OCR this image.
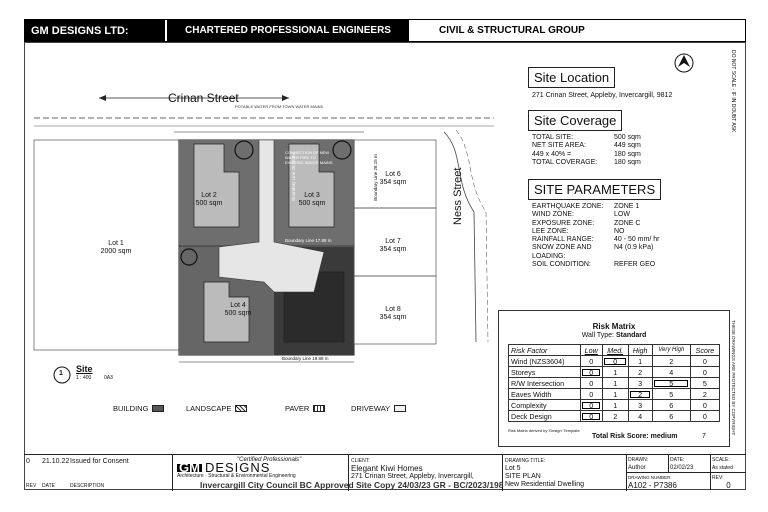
GM DESIGNS LTD:	CHARTERED PROFESSIONAL ENGINEERS	CIVIL & STRUCTURAL GROUP
Crinan Street
POTABLE WATER FROM TOWN WATER MAINS
Ness Street
CONNECTION OF NEW WATER PIPE TO EXISTING WATER MAINS
Lot 1
2000 sqm
Lot 2
500 sqm
Lot 3
500 sqm
Lot 4
500 sqm
Lot 6
354 sqm
Lot 7
354 sqm
Lot 8
354 sqm
Boundary Line 17.88 m
Boundary Line 19.88 m
Boundary Line 28.15 m	Boundary Line 28.15 m
1 Site
1 : 400	0A3
BUILDING	LANDSCAPE	PAVER	DRIVEWAY
DO NOT SCALE - IF IN DOUBT ASK
THESE DRAWINGS ARE PROTECTED BY COPYRIGHT
Site Location
271 Crinan Street, Appleby, Invercargill, 9812
Site Coverage
TOTAL SITE:	500 sqm
NET SITE AREA:	449 sqm
449 x 40% =	180 sqm
TOTAL COVERAGE:	180 sqm
SITE PARAMETERS
EARTHQUAKE ZONE:	ZONE 1
WIND ZONE:	LOW
EXPOSURE ZONE:	ZONE C
LEE ZONE:	NO
RAINFALL RANGE:	40 - 50 mm/ hr
SNOW ZONE AND	N4 (0.9 kPa)
LOADING:
SOIL CONDITION:	REFER GEO
Risk Matrix
Wall Type: Standard
Risk Factor	Low	Med.	High	Very High	Score
Wind (NZS3604)	0	0	1	2	0
Storeys	0	1	2	4	0
R/W Intersection	0	1	3	5	5
Eaves Width	0	1	2	5	2
Complexity	0	1	3	6	0
Deck Design	0	2	4	6	0
Risk Matrix derived by 'Design' Template
Total Risk Score: medium	7
0	21.10.22 Issued for Consent
REV DATE	DESCRIPTION
"Certified Professionals"
GM DESIGNS
Architecture · Structural & Environmental Engineering
CLIENT:
Elegant Kiwi Homes
271 Crinan Street, Appleby, Invercargill,
DRAWING TITLE:
Lot 5
SITE PLAN
New Residential Dwelling
DRAWN:
Author
DATE:
02/02/23
SCALE:
As stated
DRAWING NUMBER:
A102 - P7386
REV:
0
Invercargill City Council BC Approved Site Copy 24/03/23 GR - BC/2023/198
